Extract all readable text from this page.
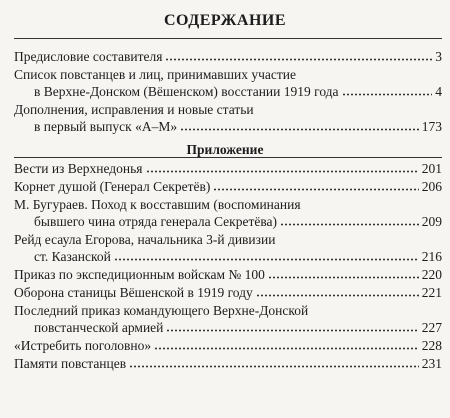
СОДЕРЖАНИЕ
Предисловие составителя	3
Список повстанцев и лиц, принимавших участие
в Верхне-Донском (Вёшенском) восстании 1919 года	4
Дополнения, исправления и новые статьи
в первый выпуск «А–М»	173
Приложение
Вести из Верхнедонья	201
Корнет душой (Генерал Секретёв)	206
М. Бугураев. Поход к восставшим (воспоминания
бывшего чина отряда генерала Секретёва)	209
Рейд есаула Егорова, начальника 3-й дивизии
ст. Казанской	216
Приказ по экспедиционным войскам № 100	220
Оборона станицы Вёшенской в 1919 году	221
Последний приказ командующего Верхне-Донской
повстанческой армией	227
«Истребить поголовно»	228
Памяти повстанцев	231
